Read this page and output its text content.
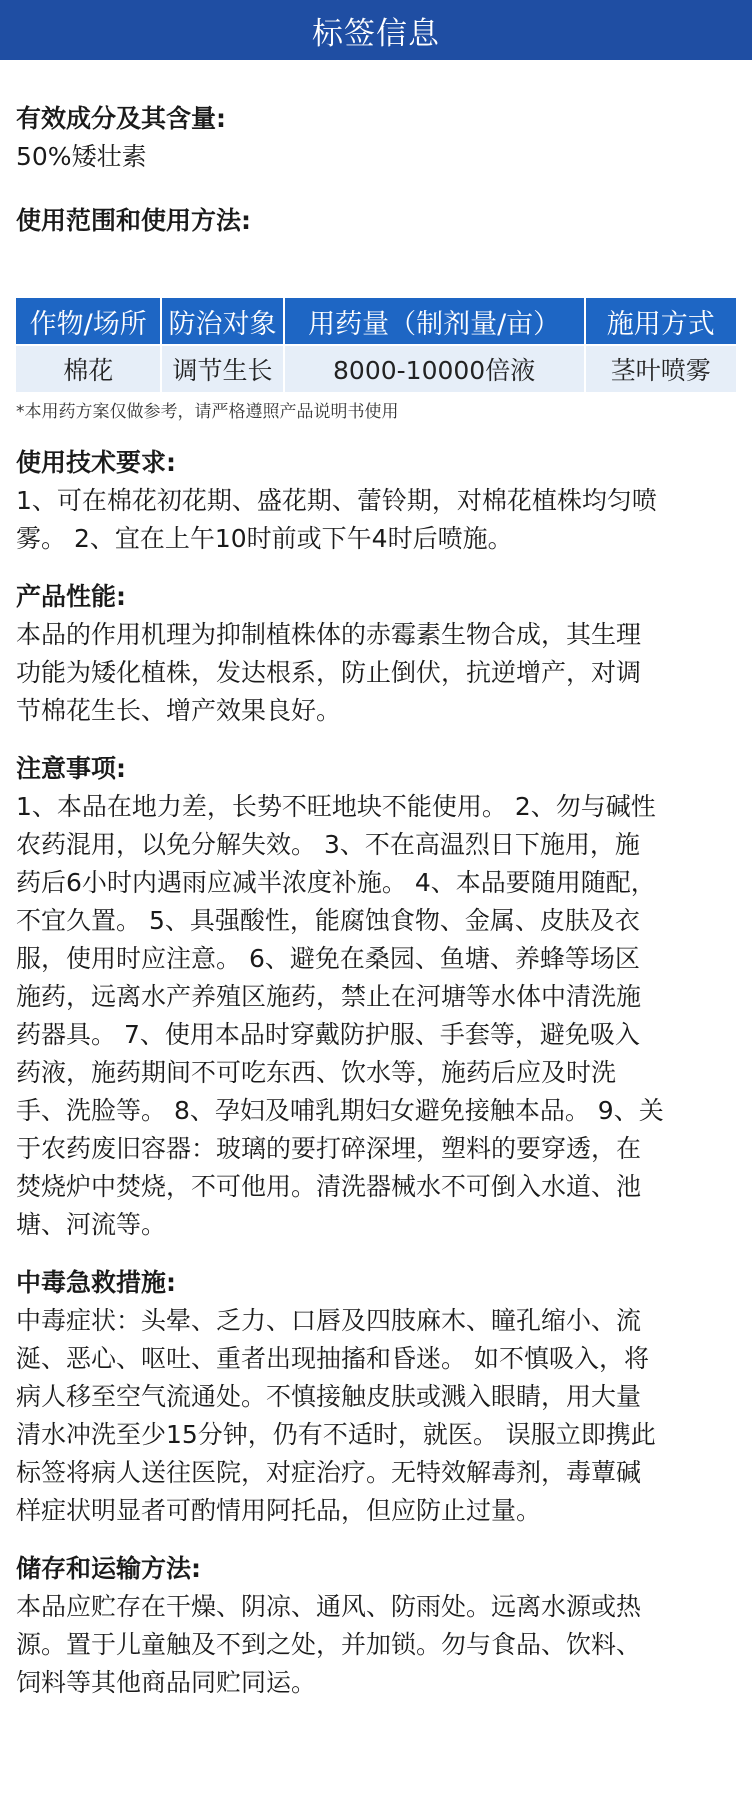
标签信息

有效成分及其含量:

50%矮壮素

使用范围和使用方法:

作物/场所	防治对象	用药量（制剂量/亩）	施用方式
棉花	调节生长	8000-10000倍液	茎叶喷雾
*本用药方案仅做参考，请严格遵照产品说明书使用

使用技术要求:

1、可在棉花初花期、盛花期、蕾铃期，对棉花植株均匀喷

雾。 2、宜在上午10时前或下午4时后喷施。

产品性能:

本品的作用机理为抑制植株体的赤霉素生物合成，其生理

功能为矮化植株，发达根系，防止倒伏，抗逆增产，对调

节棉花生长、增产效果良好。

注意事项:

1、本品在地力差，长势不旺地块不能使用。 2、勿与碱性

农药混用，以免分解失效。 3、不在高温烈日下施用，施

药后6小时内遇雨应减半浓度补施。 4、本品要随用随配，

不宜久置。 5、具强酸性，能腐蚀食物、金属、皮肤及衣

服，使用时应注意。 6、避免在桑园、鱼塘、养蜂等场区

施药，远离水产养殖区施药，禁止在河塘等水体中清洗施

药器具。 7、使用本品时穿戴防护服、手套等，避免吸入

药液，施药期间不可吃东西、饮水等，施药后应及时洗

手、洗脸等。 8、孕妇及哺乳期妇女避免接触本品。 9、关

于农药废旧容器：玻璃的要打碎深埋，塑料的要穿透，在

焚烧炉中焚烧，不可他用。清洗器械水不可倒入水道、池

塘、河流等。

中毒急救措施:

中毒症状：头晕、乏力、口唇及四肢麻木、瞳孔缩小、流

涎、恶心、呕吐、重者出现抽搐和昏迷。 如不慎吸入，将

病人移至空气流通处。不慎接触皮肤或溅入眼睛，用大量

清水冲洗至少15分钟，仍有不适时，就医。 误服立即携此

标签将病人送往医院，对症治疗。无特效解毒剂，毒蕈碱

样症状明显者可酌情用阿托品，但应防止过量。

储存和运输方法:

本品应贮存在干燥、阴凉、通风、防雨处。远离水源或热

源。置于儿童触及不到之处，并加锁。勿与食品、饮料、

饲料等其他商品同贮同运。
